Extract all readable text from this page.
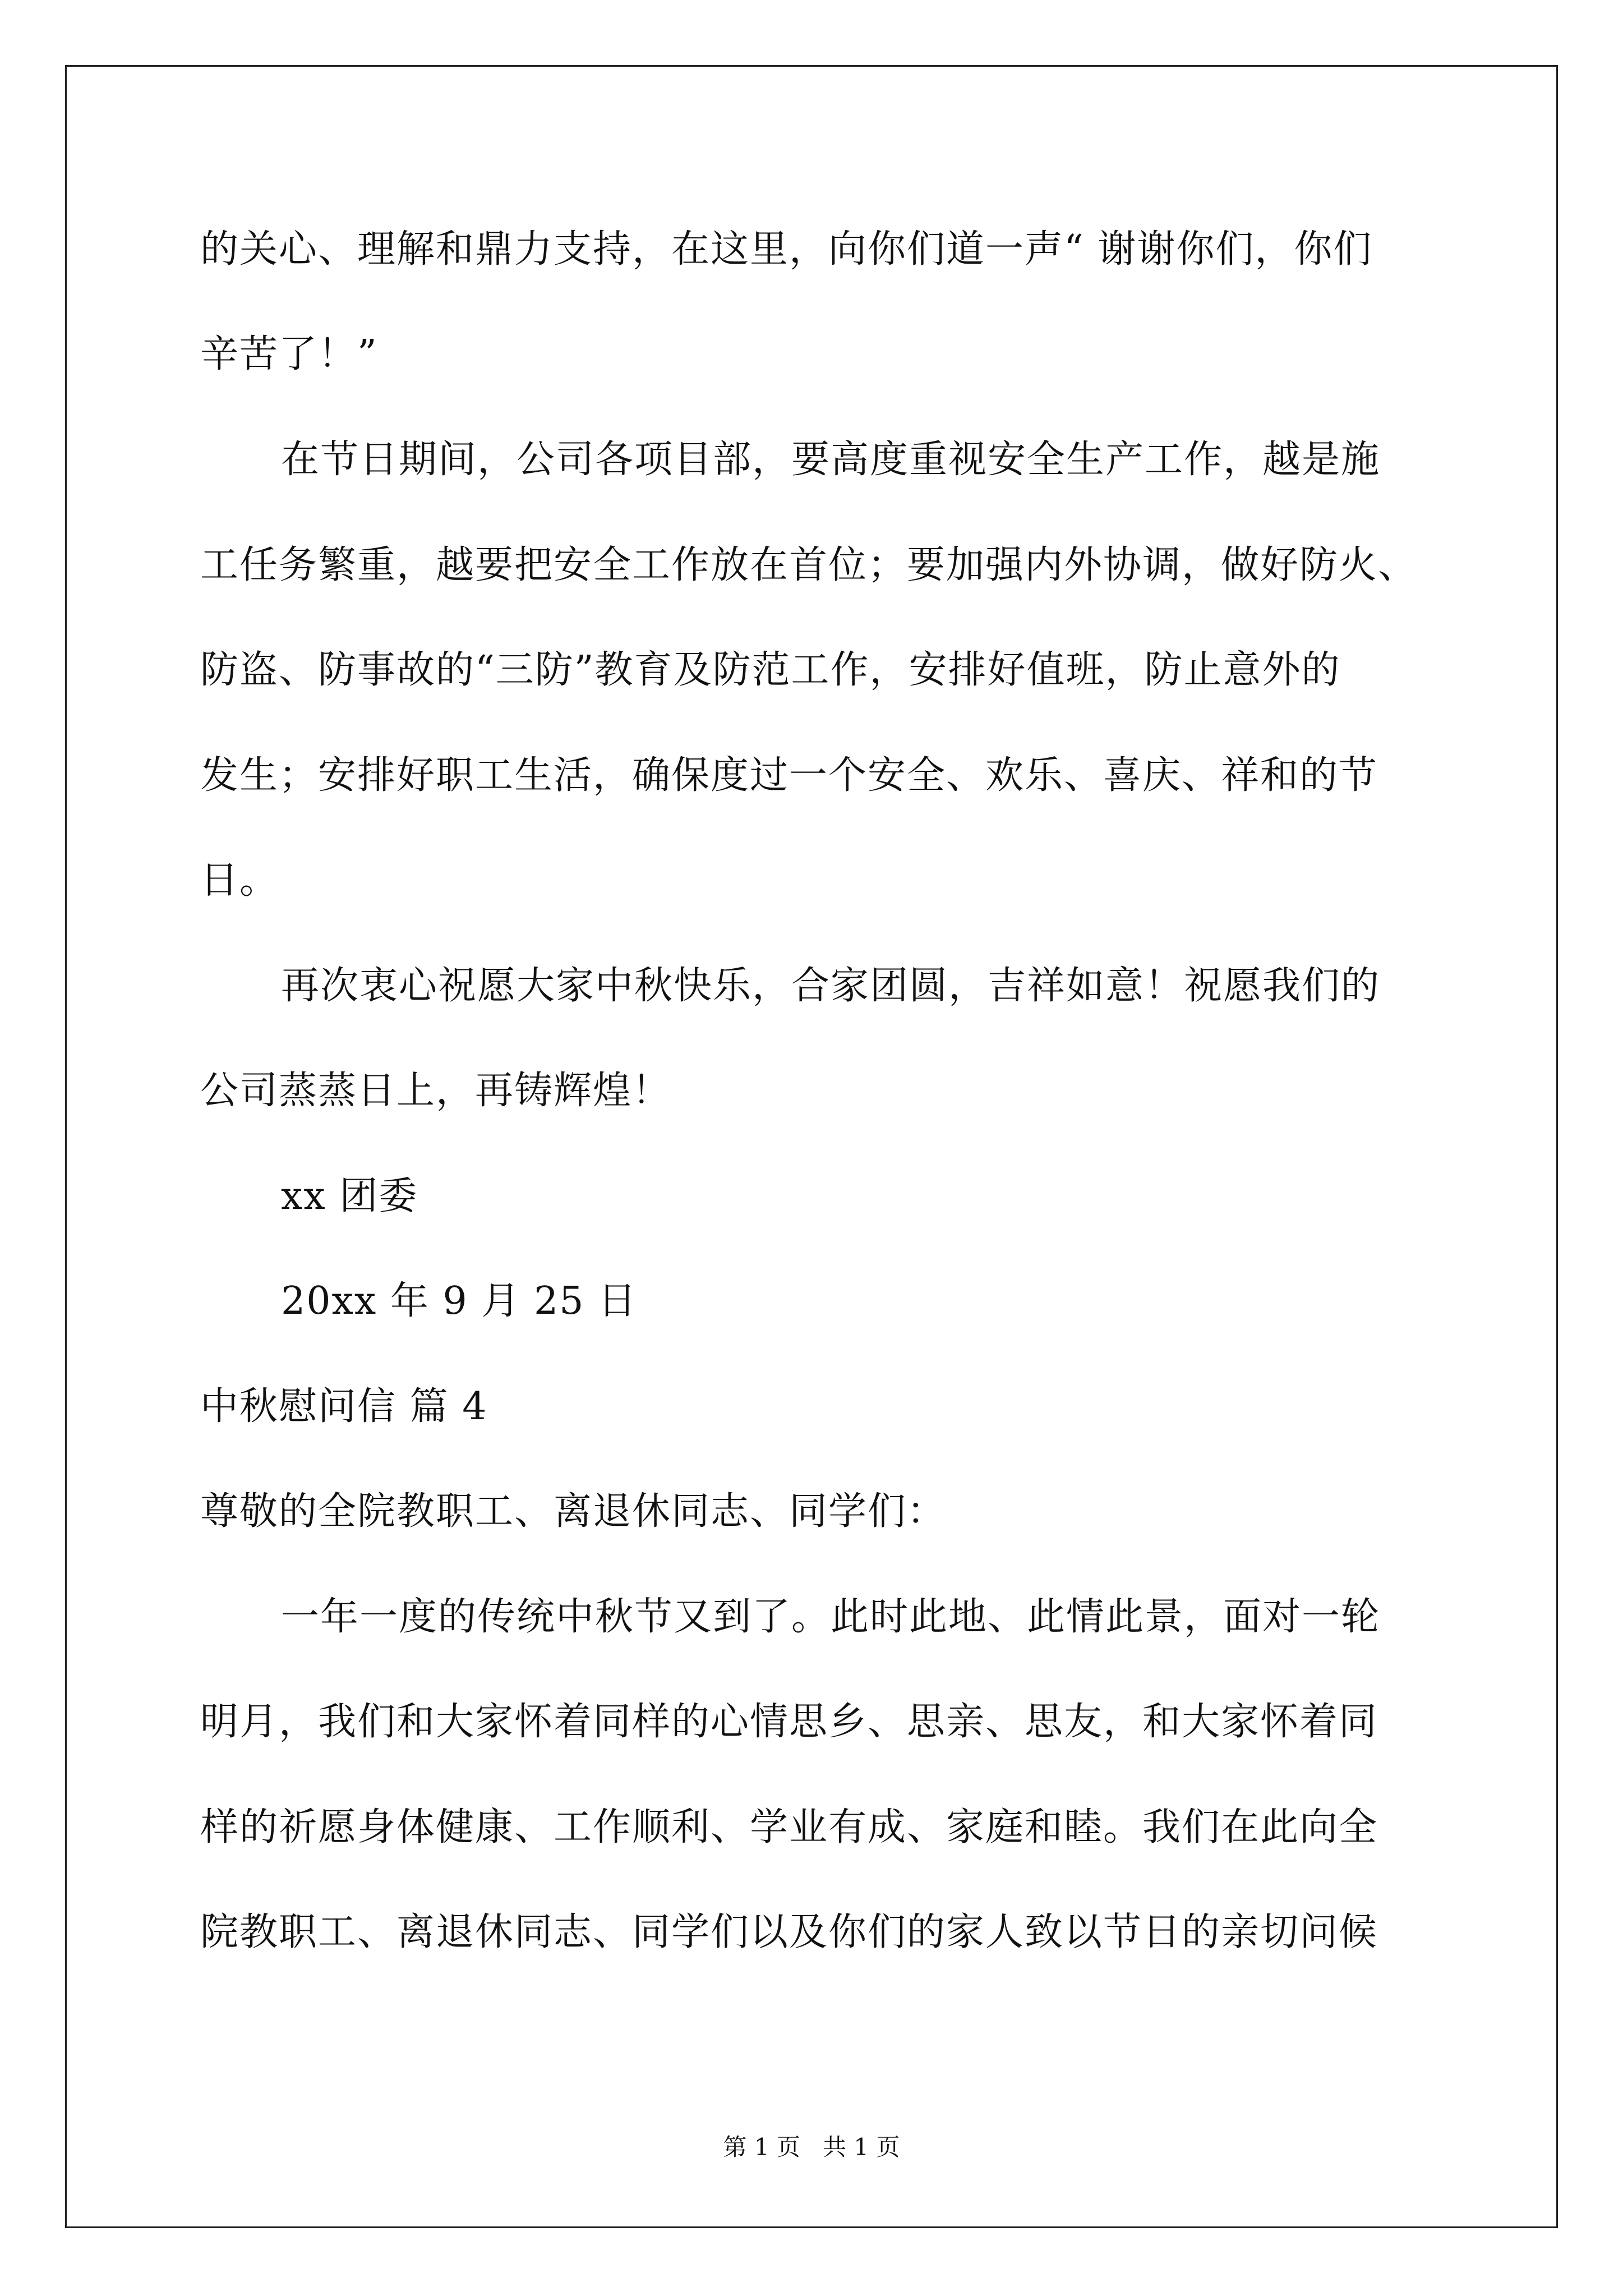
的关心、理解和鼎力支持，在这里，向你们道一声“ 谢谢你们，你们
辛苦了！”
在节日期间，公司各项目部，要高度重视安全生产工作，越是施
工任务繁重，越要把安全工作放在首位；要加强内外协调，做好防火、
防盗、防事故的“三防”教育及防范工作，安排好值班，防止意外的
发生；安排好职工生活，确保度过一个安全、欢乐、喜庆、祥和的节
日。
再次衷心祝愿大家中秋快乐，合家团圆，吉祥如意！祝愿我们的
公司蒸蒸日上，再铸辉煌！
xx 团委
20xx 年 9 月 25 日
中秋慰问信 篇 4
尊敬的全院教职工、离退休同志、同学们：
一年一度的传统中秋节又到了。此时此地、此情此景，面对一轮
明月，我们和大家怀着同样的心情思乡、思亲、思友，和大家怀着同
样的祈愿身体健康、工作顺利、学业有成、家庭和睦。我们在此向全
院教职工、离退休同志、同学们以及你们的家人致以节日的亲切问候
第 1 页   共 1 页
